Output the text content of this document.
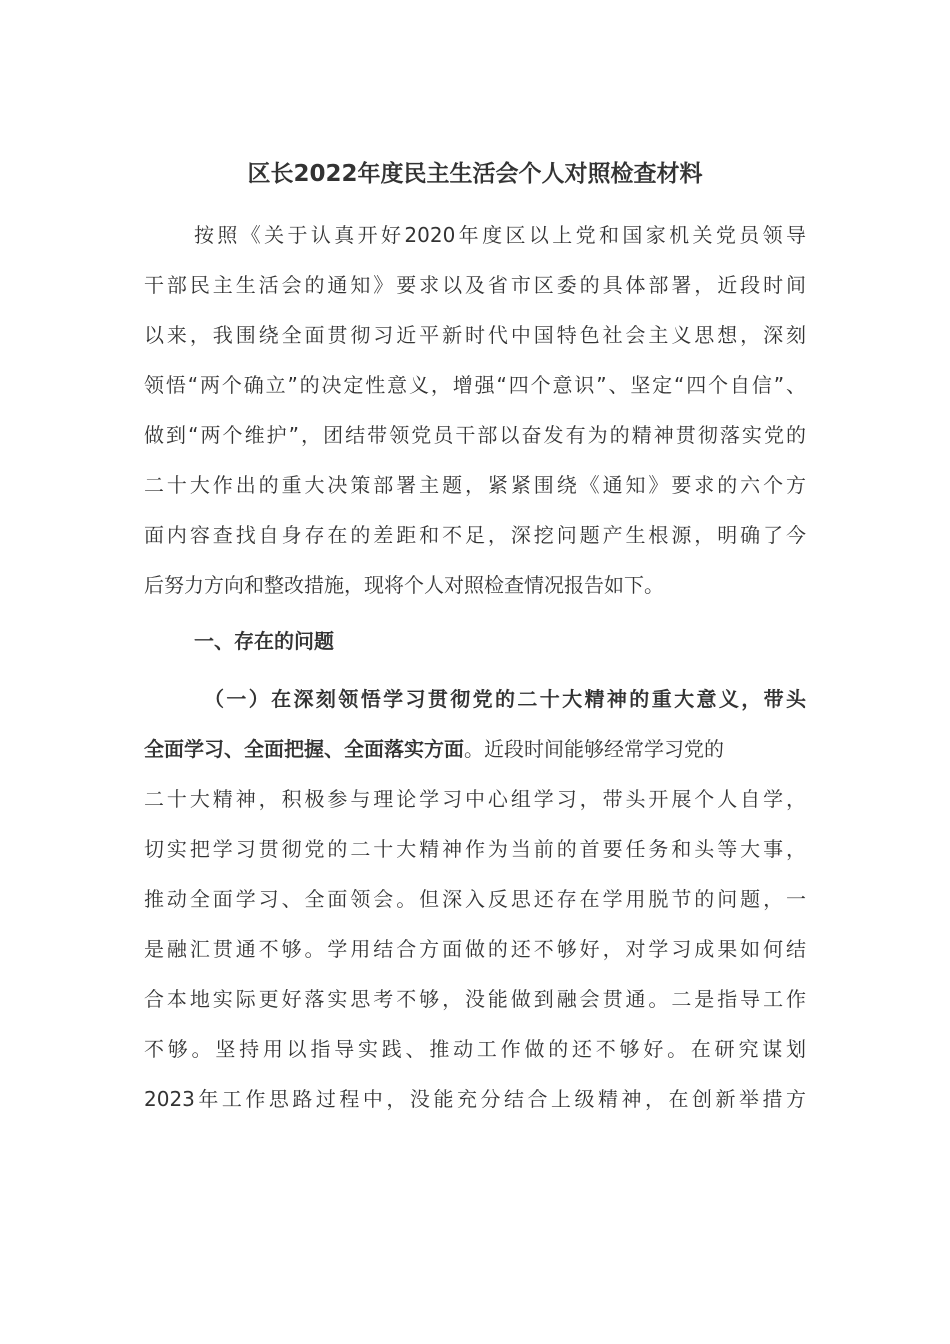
区长2022年度民主生活会个人对照检查材料
按照《关于认真开好2020年度区以上党和国家机关党员领导
干部民主生活会的通知》要求以及省市区委的具体部署，近段时间
以来，我围绕全面贯彻习近平新时代中国特色社会主义思想，深刻
领悟“两个确立”的决定性意义，增强“四个意识”、坚定“四个自信”、
做到“两个维护”，团结带领党员干部以奋发有为的精神贯彻落实党的
二十大作出的重大决策部署主题，紧紧围绕《通知》要求的六个方
面内容查找自身存在的差距和不足，深挖问题产生根源，明确了今
后努力方向和整改措施，现将个人对照检查情况报告如下。
一、存在的问题
（一）在深刻领悟学习贯彻党的二十大精神的重大意义，带头
全面学习、全面把握、全面落实方面。近段时间能够经常学习党的
二十大精神，积极参与理论学习中心组学习，带头开展个人自学，
切实把学习贯彻党的二十大精神作为当前的首要任务和头等大事，
推动全面学习、全面领会。但深入反思还存在学用脱节的问题，一
是融汇贯通不够。学用结合方面做的还不够好，对学习成果如何结
合本地实际更好落实思考不够，没能做到融会贯通。二是指导工作
不够。坚持用以指导实践、推动工作做的还不够好。在研究谋划
2023年工作思路过程中，没能充分结合上级精神，在创新举措方
